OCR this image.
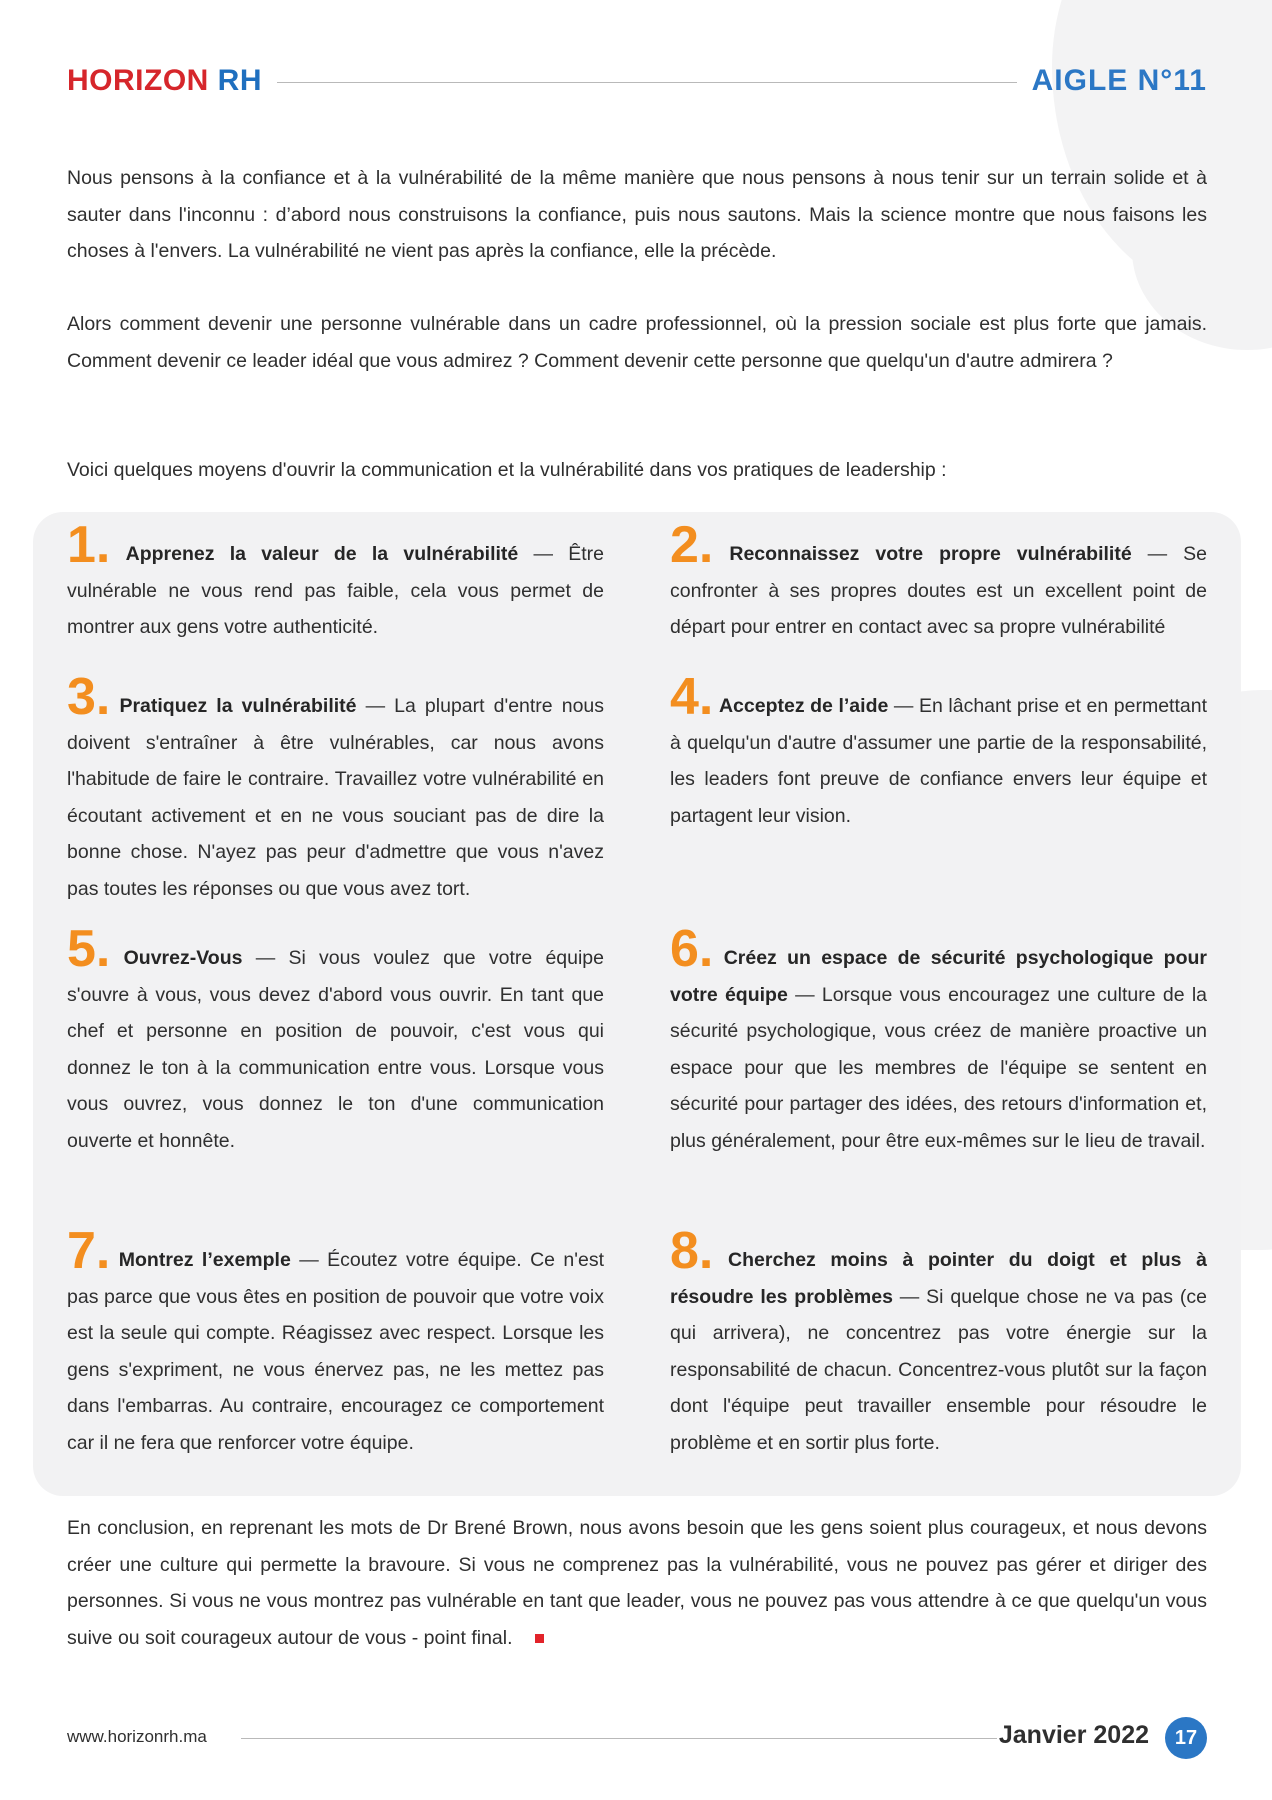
HORIZON RH	AIGLE N°11
Nous pensons à la confiance et à la vulnérabilité de la même manière que nous pensons à nous tenir sur un terrain solide et à sauter dans l'inconnu : d’abord nous construisons la confiance, puis nous sautons. Mais la science montre que nous faisons les choses à l'envers. La vulnérabilité ne vient pas après la confiance, elle la précède.
Alors comment devenir une personne vulnérable dans un cadre professionnel, où la pression sociale est plus forte que jamais. Comment devenir ce leader idéal que vous admirez ? Comment devenir cette personne que quelqu'un d'autre admirera ?
Voici quelques moyens d'ouvrir la communication et la vulnérabilité dans vos pratiques de leadership :
1. Apprenez la valeur de la vulnérabilité — Être vulnérable ne vous rend pas faible, cela vous permet de montrer aux gens votre authenticité.
2. Reconnaissez votre propre vulnérabilité — Se confronter à ses propres doutes est un excellent point de départ pour entrer en contact avec sa propre vulnérabilité
3. Pratiquez la vulnérabilité — La plupart d'entre nous doivent s'entraîner à être vulnérables, car nous avons l'habitude de faire le contraire. Travaillez votre vulnérabilité en écoutant activement et en ne vous souciant pas de dire la bonne chose. N'ayez pas peur d'admettre que vous n'avez pas toutes les réponses ou que vous avez tort.
4. Acceptez de l’aide — En lâchant prise et en permettant à quelqu'un d'autre d'assumer une partie de la responsabilité, les leaders font preuve de confiance envers leur équipe et partagent leur vision.
5. Ouvrez-Vous — Si vous voulez que votre équipe s'ouvre à vous, vous devez d'abord vous ouvrir. En tant que chef et personne en position de pouvoir, c'est vous qui donnez le ton à la communication entre vous. Lorsque vous vous ouvrez, vous donnez le ton d'une communication ouverte et honnête.
6. Créez un espace de sécurité psychologique pour votre équipe — Lorsque vous encouragez une culture de la sécurité psychologique, vous créez de manière proactive un espace pour que les membres de l'équipe se sentent en sécurité pour partager des idées, des retours d'information et, plus généralement, pour être eux-mêmes sur le lieu de travail.
7. Montrez l’exemple — Écoutez votre équipe. Ce n'est pas parce que vous êtes en position de pouvoir que votre voix est la seule qui compte. Réagissez avec respect. Lorsque les gens s'expriment, ne vous énervez pas, ne les mettez pas dans l'embarras. Au contraire, encouragez ce comportement car il ne fera que renforcer votre équipe.
8. Cherchez moins à pointer du doigt et plus à résoudre les problèmes — Si quelque chose ne va pas (ce qui arrivera), ne concentrez pas votre énergie sur la responsabilité de chacun. Concentrez-vous plutôt sur la façon dont l'équipe peut travailler ensemble pour résoudre le problème et en sortir plus forte.
En conclusion, en reprenant les mots de Dr Brené Brown, nous avons besoin que les gens soient plus courageux, et nous devons créer une culture qui permette la bravoure. Si vous ne comprenez pas la vulnérabilité, vous ne pouvez pas gérer et diriger des personnes. Si vous ne vous montrez pas vulnérable en tant que leader, vous ne pouvez pas vous attendre à ce que quelqu'un vous suive ou soit courageux autour de vous - point final.
www.horizonrh.ma	Janvier 2022	17
